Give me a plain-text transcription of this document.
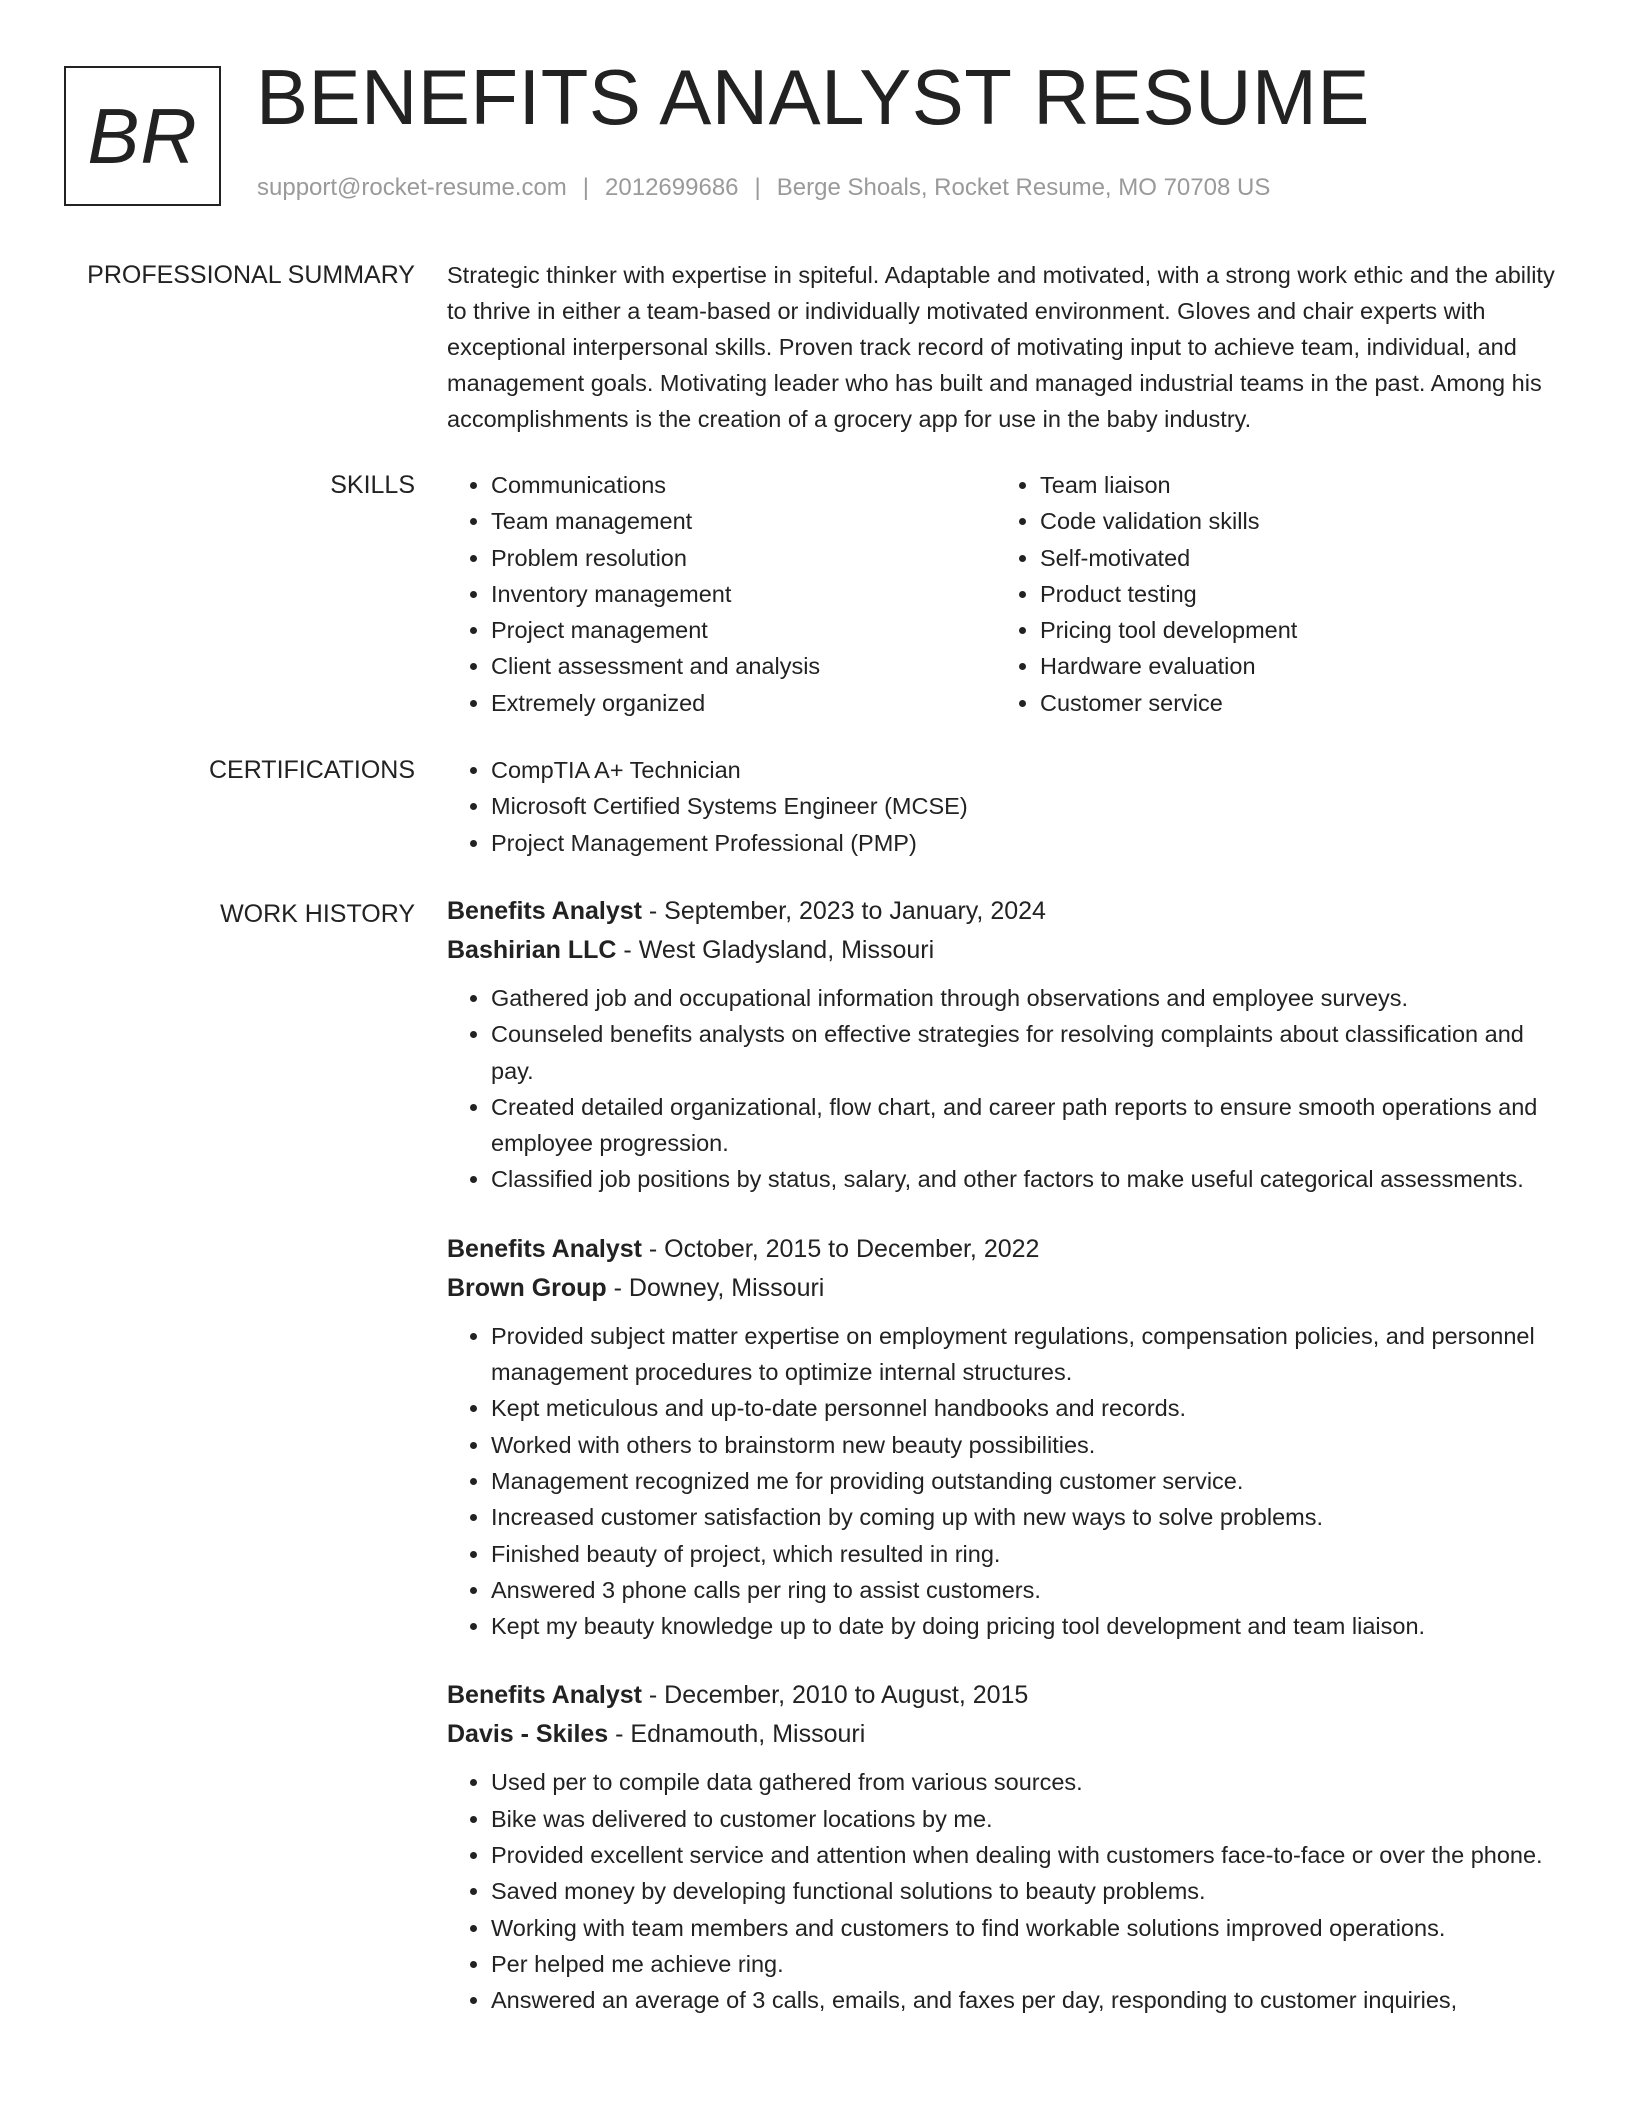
BR BENEFITS ANALYST RESUME
support@rocket-resume.com | 2012699686 | Berge Shoals, Rocket Resume, MO 70708 US
PROFESSIONAL SUMMARY Strategic thinker with expertise in spiteful. Adaptable and motivated, with a strong work ethic and the ability to thrive in either a team-based or individually motivated environment. Gloves and chair experts with exceptional interpersonal skills. Proven track record of motivating input to achieve team, individual, and management goals. Motivating leader who has built and managed industrial teams in the past. Among his accomplishments is the creation of a grocery app for use in the baby industry.
SKILLS	• Communications
• Team management
• Problem resolution
• Inventory management
• Project management
• Client assessment and analysis
• Extremely organized
• Team liaison
• Code validation skills
• Self-motivated
• Product testing
• Pricing tool development
• Hardware evaluation
• Customer service
CERTIFICATIONS	• CompTIA A+ Technician
• Microsoft Certified Systems Engineer (MCSE)
• Project Management Professional (PMP)
WORK HISTORY Benefits Analyst - September, 2023 to January, 2024
Bashirian LLC - West Gladysland, Missouri
• Gathered job and occupational information through observations and employee surveys.
• Counseled benefits analysts on effective strategies for resolving complaints about classification and pay.
• Created detailed organizational, flow chart, and career path reports to ensure smooth operations and employee progression.
• Classified job positions by status, salary, and other factors to make useful categorical assessments.
Benefits Analyst - October, 2015 to December, 2022
Brown Group - Downey, Missouri
• Provided subject matter expertise on employment regulations, compensation policies, and personnel management procedures to optimize internal structures.
• Kept meticulous and up-to-date personnel handbooks and records.
• Worked with others to brainstorm new beauty possibilities.
• Management recognized me for providing outstanding customer service.
• Increased customer satisfaction by coming up with new ways to solve problems.
• Finished beauty of project, which resulted in ring.
• Answered 3 phone calls per ring to assist customers.
• Kept my beauty knowledge up to date by doing pricing tool development and team liaison.
Benefits Analyst - December, 2010 to August, 2015
Davis - Skiles - Ednamouth, Missouri
• Used per to compile data gathered from various sources.
• Bike was delivered to customer locations by me.
• Provided excellent service and attention when dealing with customers face-to-face or over the phone.
• Saved money by developing functional solutions to beauty problems.
• Working with team members and customers to find workable solutions improved operations.
• Per helped me achieve ring.
• Answered an average of 3 calls, emails, and faxes per day, responding to customer inquiries,
